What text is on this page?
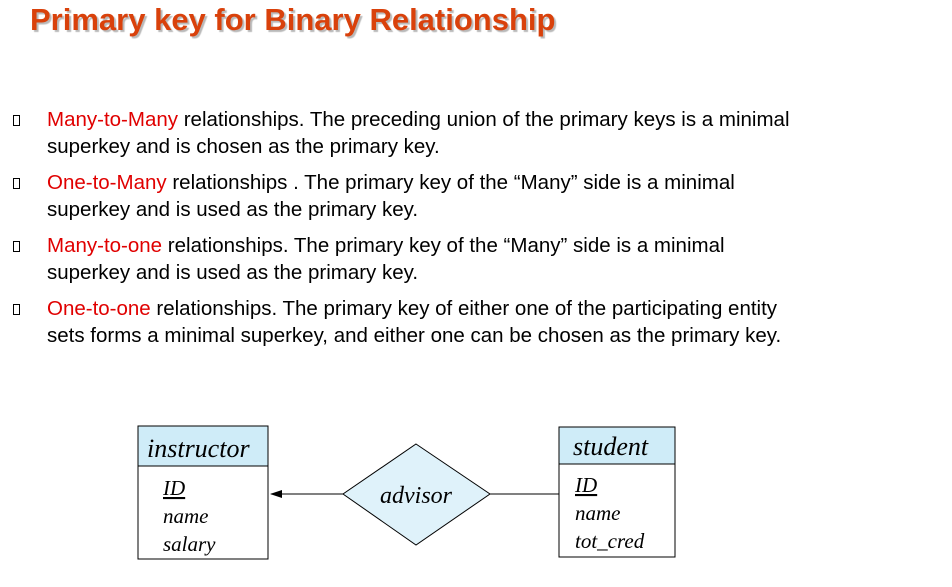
Primary key for Binary Relationship
Many-to-Many relationships. The preceding union of the primary keys is a minimal superkey and is chosen as the primary key.
One-to-Many relationships . The primary key of the “Many” side is a minimal superkey and is used as the primary key.
Many-to-one relationships. The primary key of the “Many” side is a minimal superkey and is used as the primary key.
One-to-one relationships. The primary key of either one of the participating entity sets forms a minimal superkey, and either one can be chosen as the primary key.
instructor
ID
name
salary
advisor
student
ID
name
tot_cred
